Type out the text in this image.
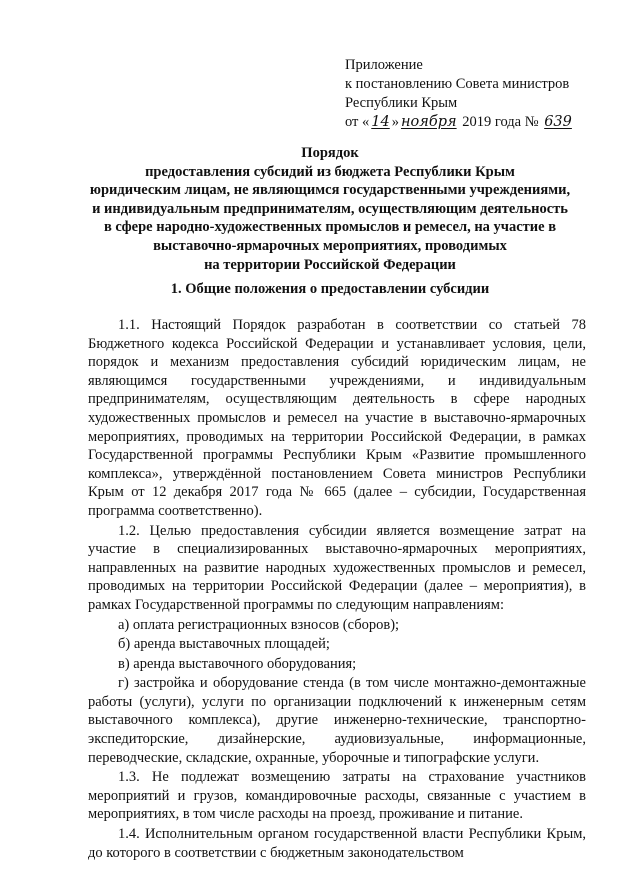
Приложение
к постановлению Совета министров
Республики Крым
от « 14 » ноября 2019 года № 639
Порядок
предоставления субсидий из бюджета Республики Крым
юридическим лицам, не являющимся государственными учреждениями,
и индивидуальным предпринимателям, осуществляющим деятельность
в сфере народно-художественных промыслов и ремесел, на участие в
выставочно-ярмарочных мероприятиях, проводимых
на территории Российской Федерации
1. Общие положения о предоставлении субсидии

1.1. Настоящий Порядок разработан в соответствии со статьей 78 Бюджетного кодекса Российской Федерации и устанавливает условия, цели, порядок и механизм предоставления субсидий юридическим лицам, не являющимся государственными учреждениями, и индивидуальным предпринимателям, осуществляющим деятельность в сфере народных художественных промыслов и ремесел на участие в выставочно-ярмарочных мероприятиях, проводимых на территории Российской Федерации, в рамках Государственной программы Республики Крым «Развитие промышленного комплекса», утверждённой постановлением Совета министров Республики Крым от 12 декабря 2017 года № 665 (далее – субсидии, Государственная программа соответственно).

1.2. Целью предоставления субсидии является возмещение затрат на участие в специализированных выставочно-ярмарочных мероприятиях, направленных на развитие народных художественных промыслов и ремесел, проводимых на территории Российской Федерации (далее – мероприятия), в рамках Государственной программы по следующим направлениям:

а) оплата регистрационных взносов (сборов);

б) аренда выставочных площадей;

в) аренда выставочного оборудования;

г) застройка и оборудование стенда (в том числе монтажно-демонтажные работы (услуги), услуги по организации подключений к инженерным сетям выставочного комплекса), другие инженерно-технические, транспортно-экспедиторские, дизайнерские, аудиовизуальные, информационные, переводческие, складские, охранные, уборочные и типографские услуги.

1.3. Не подлежат возмещению затраты на страхование участников мероприятий и грузов, командировочные расходы, связанные с участием в мероприятиях, в том числе расходы на проезд, проживание и питание.

1.4. Исполнительным органом государственной власти Республики Крым, до которого в соответствии с бюджетным законодательством
